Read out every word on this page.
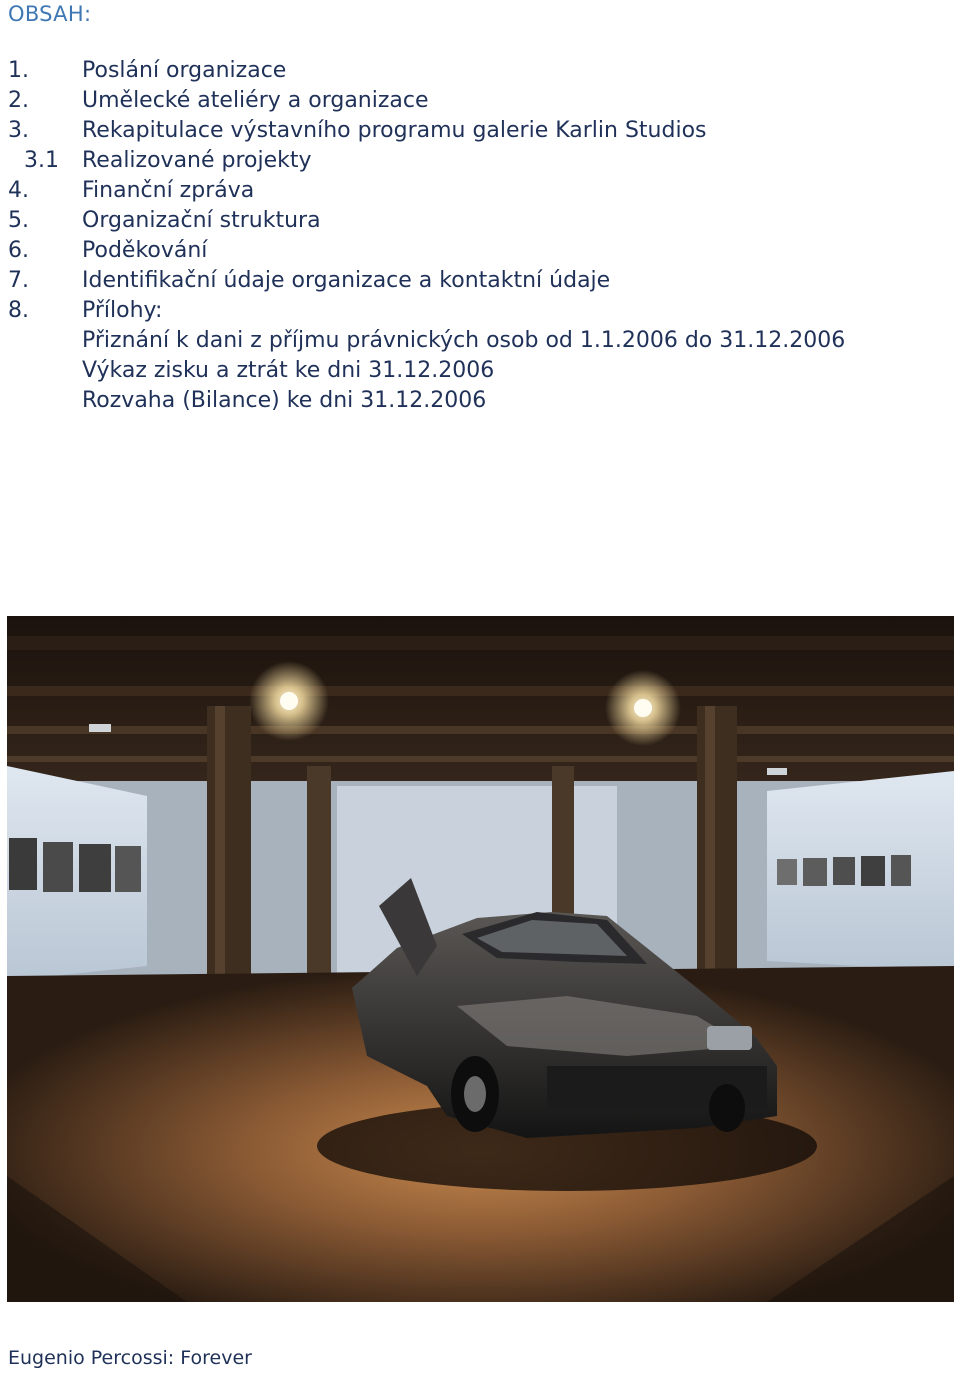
OBSAH:
1.	Poslání organizace
2.	Umělecké ateliéry a organizace
3.	Rekapitulace výstavního programu galerie Karlin Studios
3.1	Realizované projekty
4.	Finanční zpráva
5.	Organizační struktura
6.	Poděkování
7.	Identifikační údaje organizace a kontaktní údaje
8.	Přílohy:
Přiznání k dani z příjmu právnických osob od 1.1.2006 do 31.12.2006
Výkaz zisku a ztrát ke dni 31.12.2006
Rozvaha (Bilance) ke dni 31.12.2006
Eugenio Percossi: Forever
